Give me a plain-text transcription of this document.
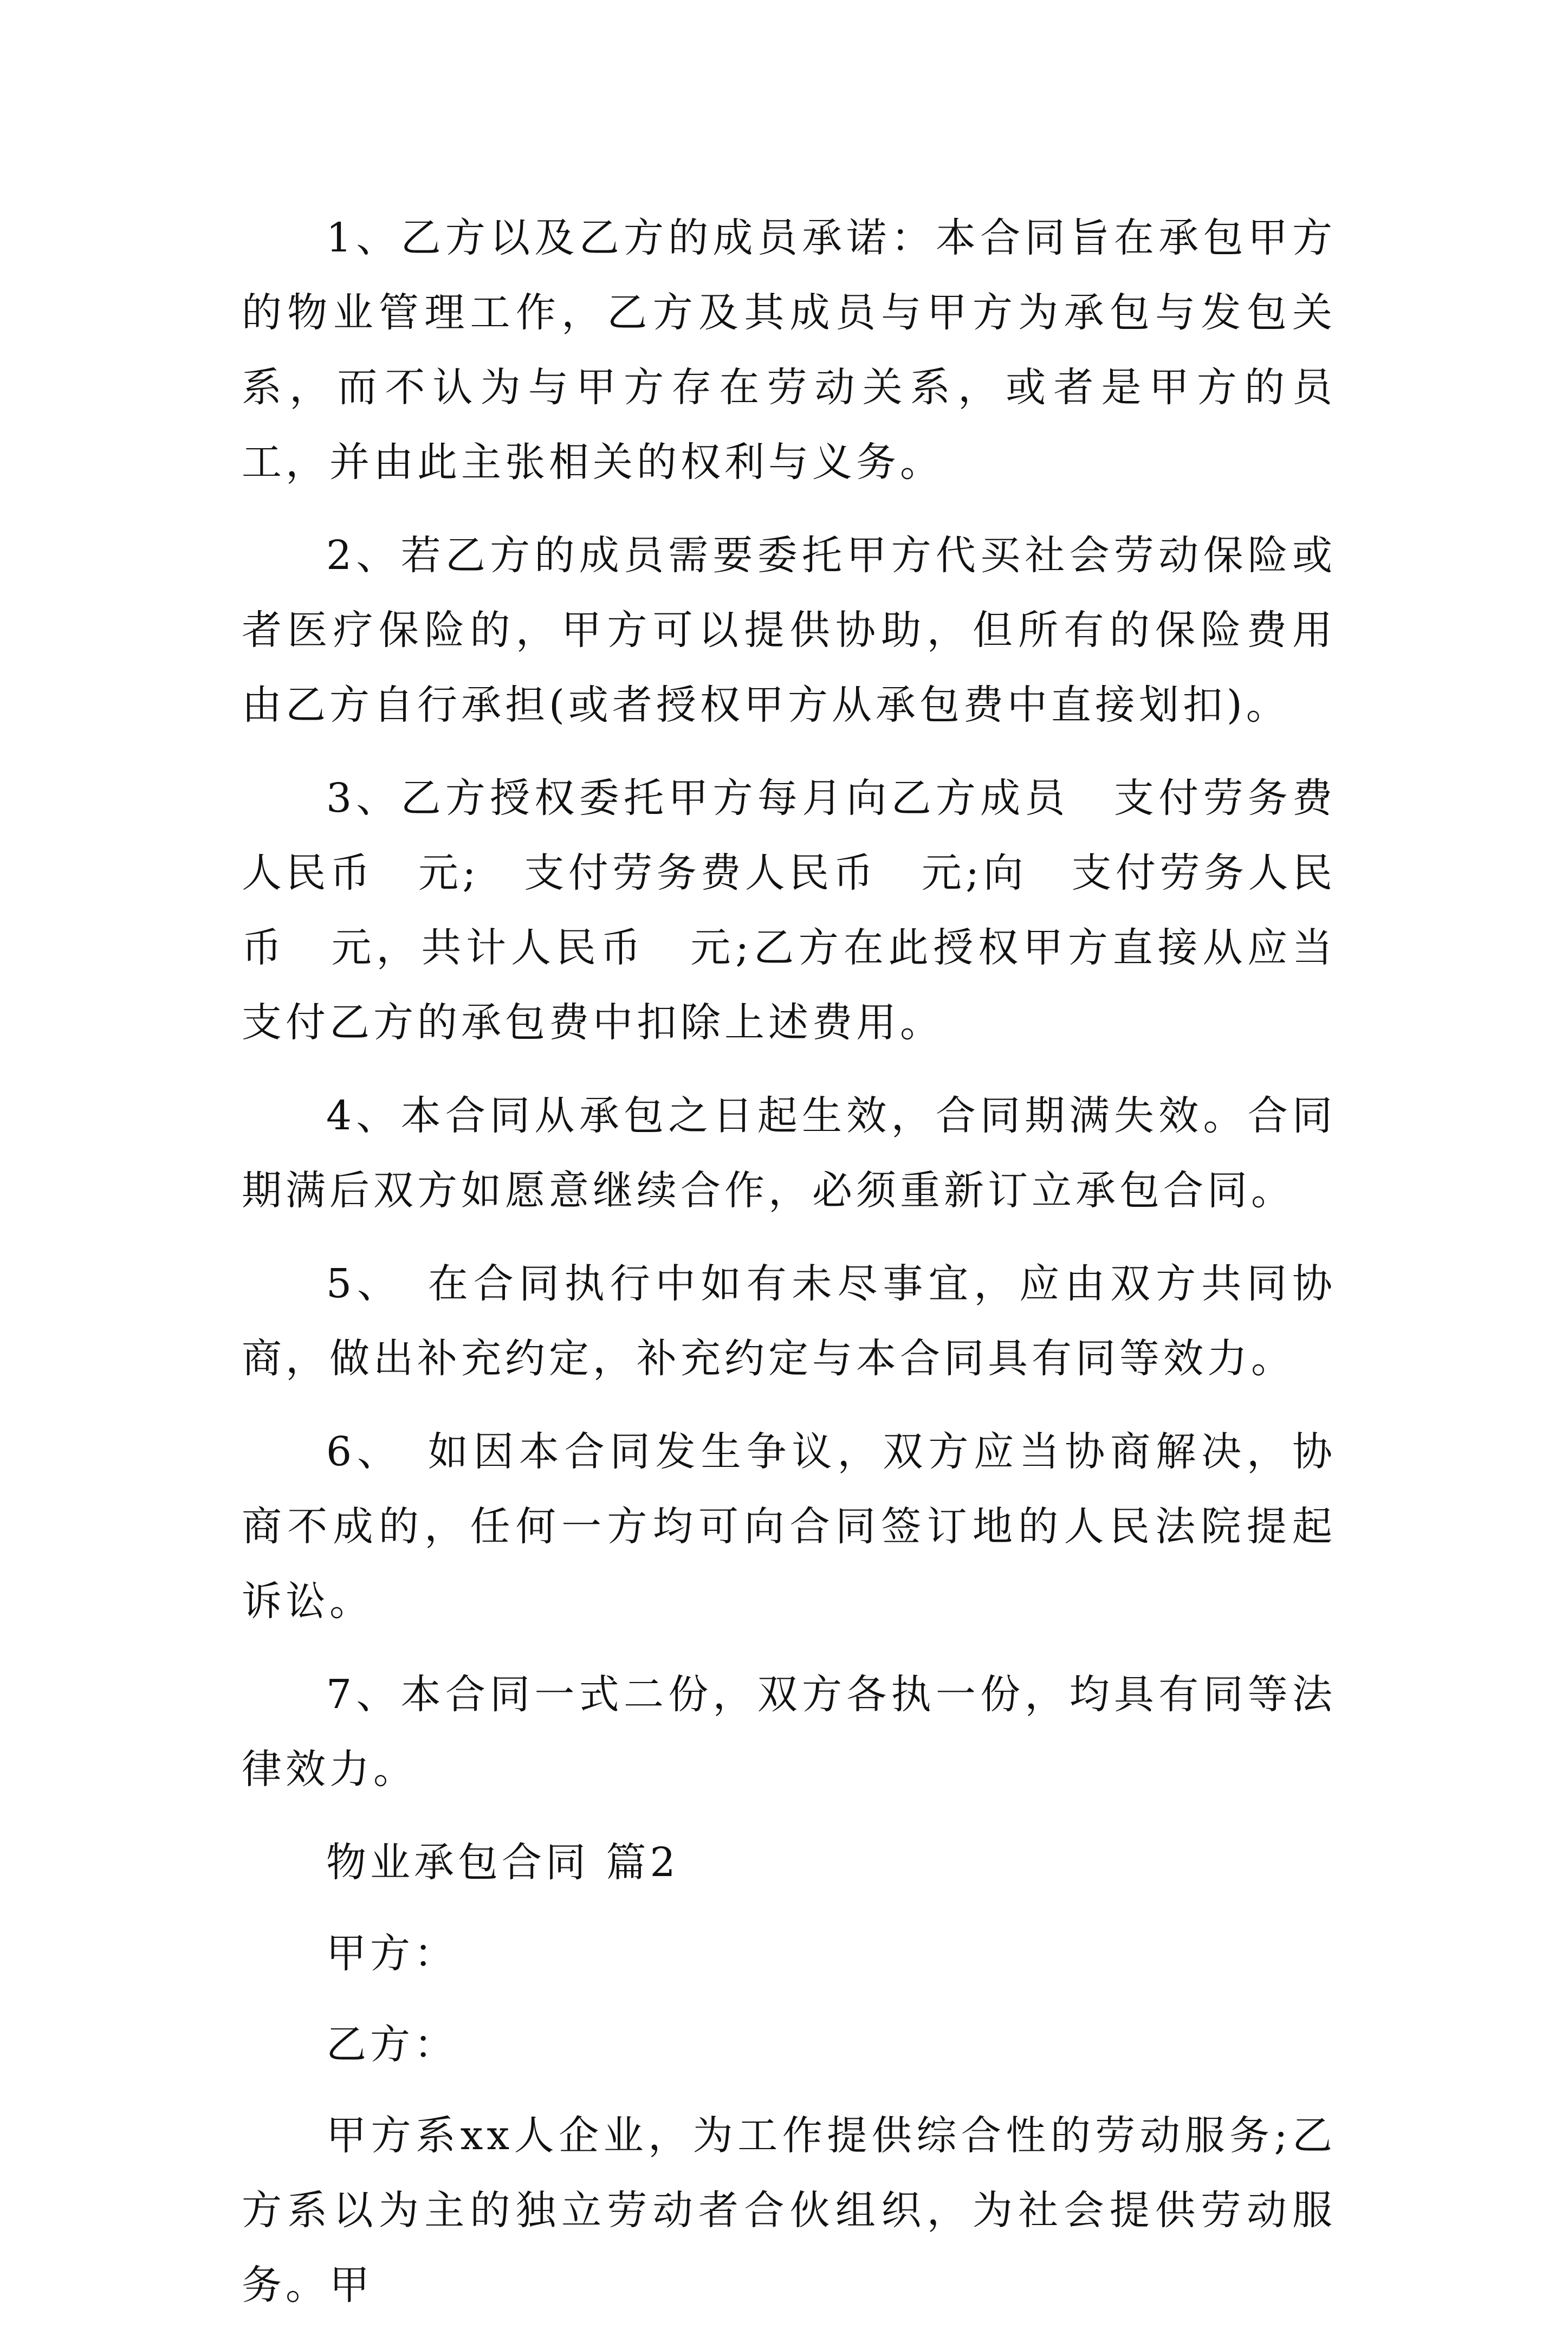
1、乙方以及乙方的成员承诺：本合同旨在承包甲方的物业管理工作，乙方及其成员与甲方为承包与发包关系，而不认为与甲方存在劳动关系，或者是甲方的员工，并由此主张相关的权利与义务。

2、若乙方的成员需要委托甲方代买社会劳动保险或者医疗保险的，甲方可以提供协助，但所有的保险费用由乙方自行承担(或者授权甲方从承包费中直接划扣)。

3、乙方授权委托甲方每月向乙方成员　支付劳务费人民币　元;　支付劳务费人民币　元;向　支付劳务人民币　元，共计人民币　元;乙方在此授权甲方直接从应当支付乙方的承包费中扣除上述费用。

4、本合同从承包之日起生效，合同期满失效。合同期满后双方如愿意继续合作，必须重新订立承包合同。

5、　在合同执行中如有未尽事宜，应由双方共同协商，做出补充约定，补充约定与本合同具有同等效力。

6、　如因本合同发生争议，双方应当协商解决，协商不成的，任何一方均可向合同签订地的人民法院提起诉讼。

7、本合同一式二份，双方各执一份，均具有同等法律效力。

物业承包合同 篇2

甲方：

乙方：

甲方系xx人企业，为工作提供综合性的劳动服务;乙方系以为主的独立劳动者合伙组织，为社会提供劳动服务。甲
